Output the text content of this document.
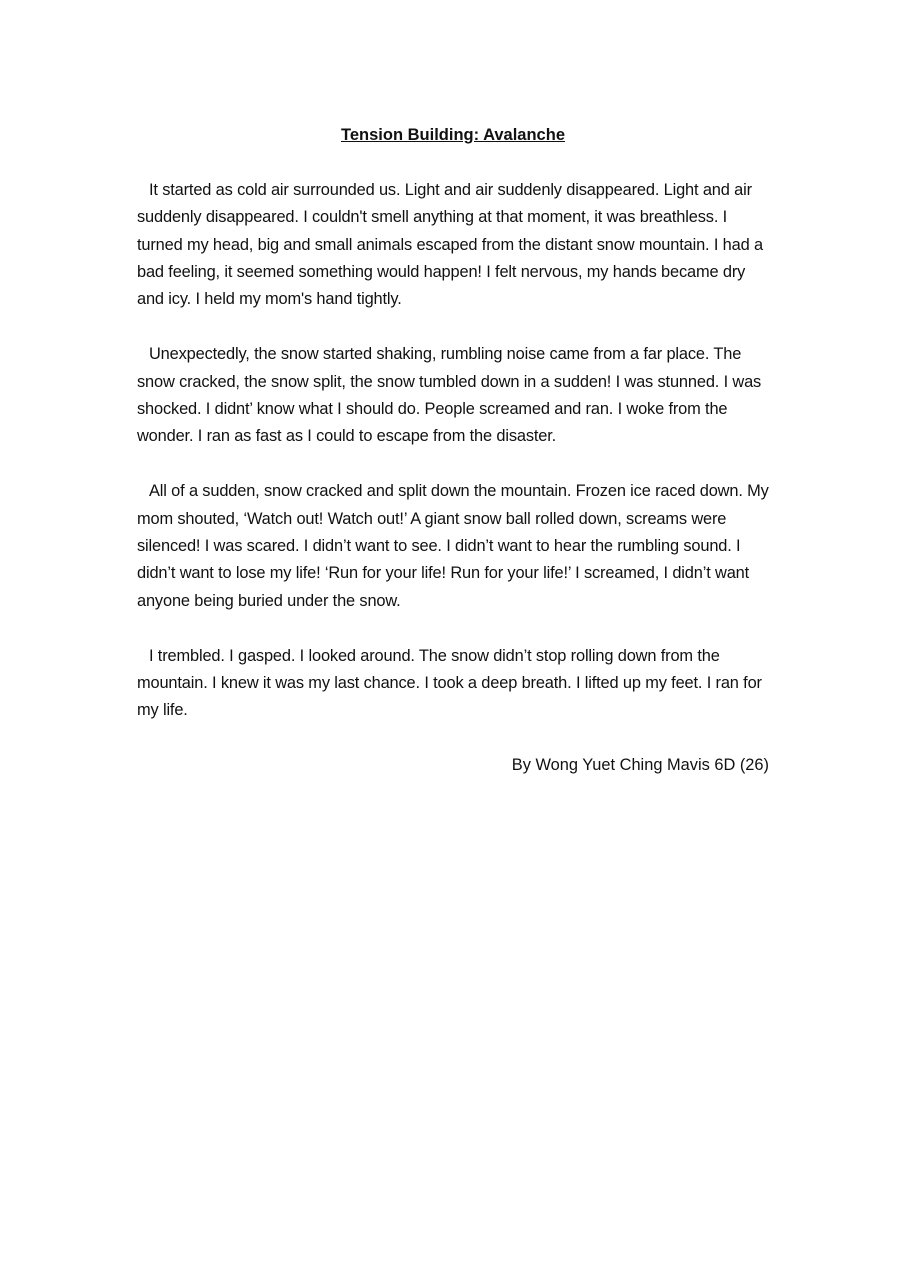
Tension Building: Avalanche

It started as cold air surrounded us. Light and air suddenly disappeared. Light and air suddenly disappeared. I couldn't smell anything at that moment, it was breathless. I turned my head, big and small animals escaped from the distant snow mountain. I had a bad feeling, it seemed something would happen! I felt nervous, my hands became dry and icy. I held my mom's hand tightly.

Unexpectedly, the snow started shaking, rumbling noise came from a far place. The snow cracked, the snow split, the snow tumbled down in a sudden! I was stunned. I was shocked. I didnt’ know what I should do. People screamed and ran. I woke from the wonder. I ran as fast as I could to escape from the disaster.

All of a sudden, snow cracked and split down the mountain. Frozen ice raced down. My mom shouted, ‘Watch out! Watch out!’ A giant snow ball rolled down, screams were silenced! I was scared. I didn’t want to see. I didn’t want to hear the rumbling sound. I didn’t want to lose my life! ‘Run for your life! Run for your life!’ I screamed, I didn’t want anyone being buried under the snow.

I trembled. I gasped. I looked around. The snow didn’t stop rolling down from the mountain. I knew it was my last chance. I took a deep breath. I lifted up my feet. I ran for my life.

By Wong Yuet Ching Mavis 6D (26)
